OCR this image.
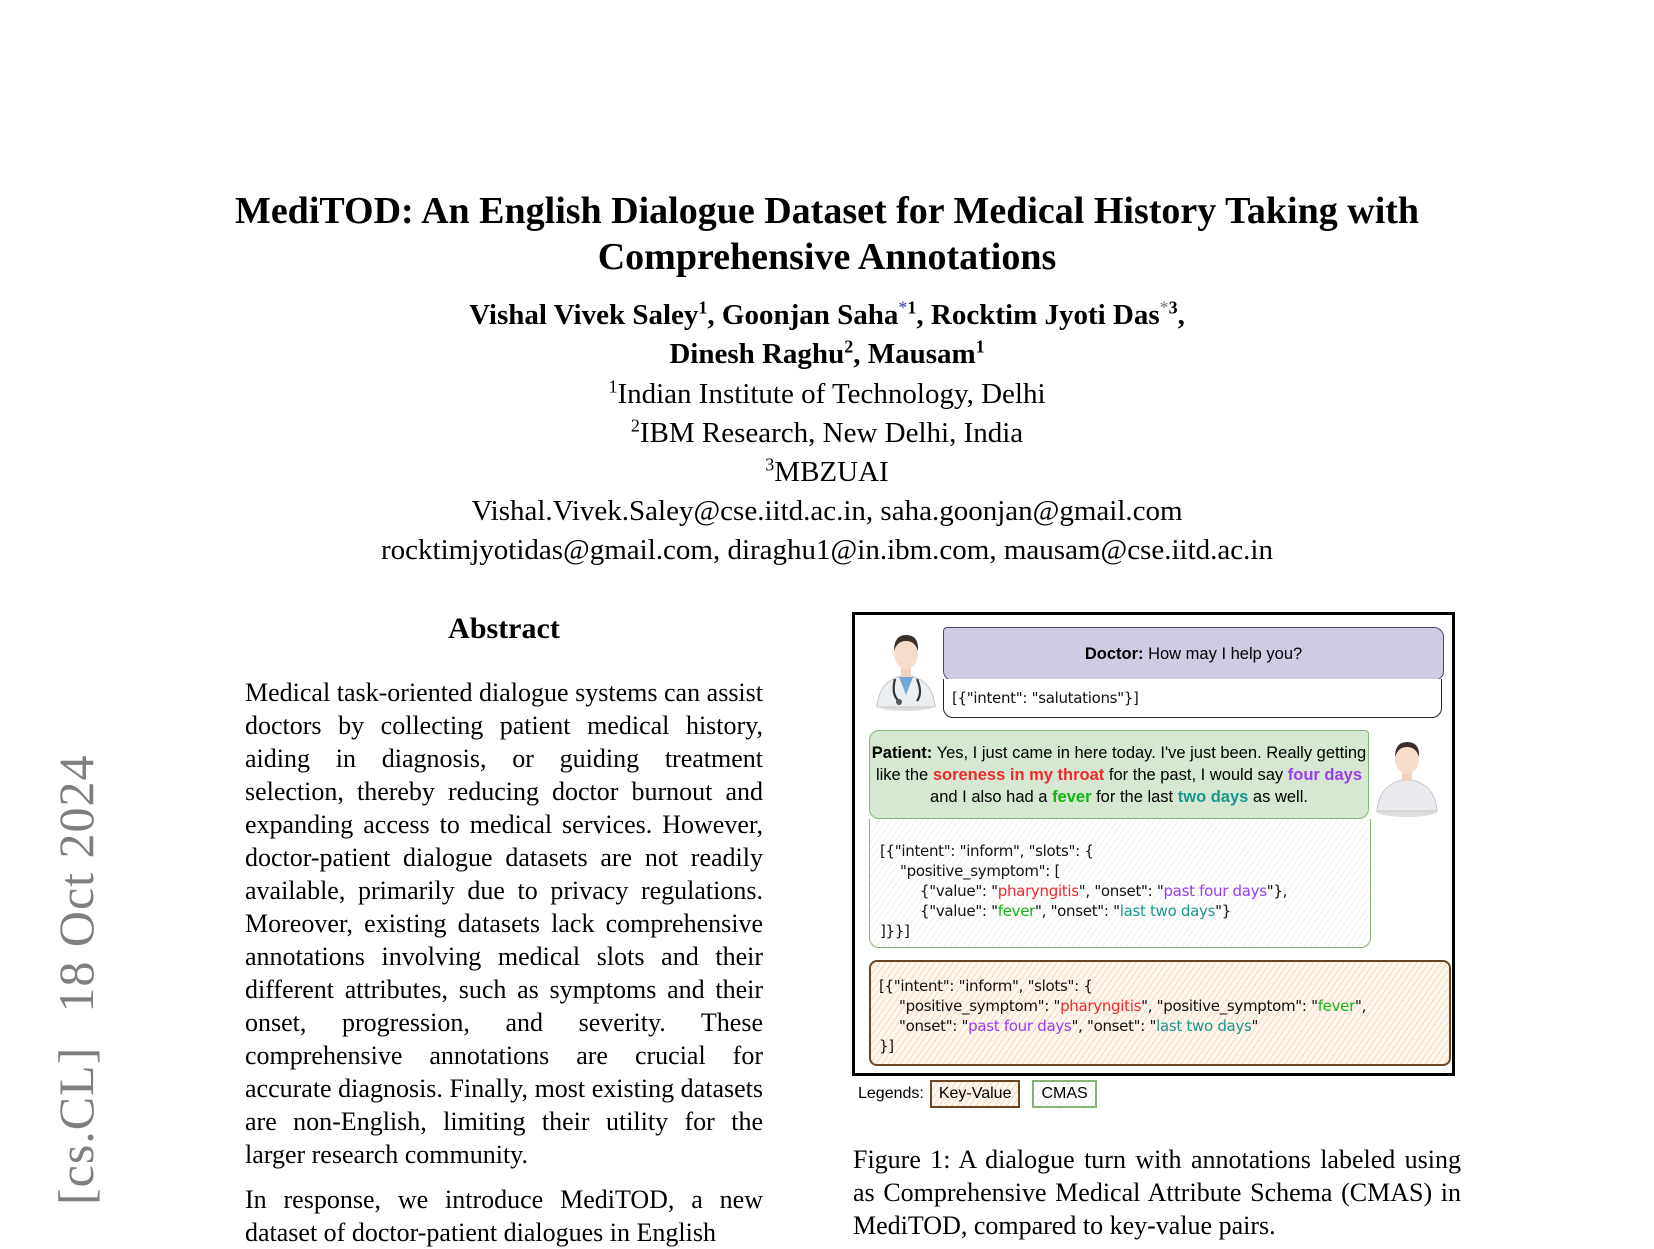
[cs.CL]18 Oct 2024
MediTOD: An English Dialogue Dataset for Medical History Taking with
Comprehensive Annotations
Vishal Vivek Saley$^1$, Goonjan Saha$^{*1}$, Rocktim Jyoti Das$^{*3}$,
Dinesh Raghu$^2$, Mausam$^1$
$^1$Indian Institute of Technology, Delhi
$^2$IBM Research, New Delhi, India
$^3$MBZUAI
Vishal.Vivek.Saley@cse.iitd.ac.in, saha.goonjan@gmail.com
rocktimjyotidas@gmail.com, diraghu1@in.ibm.com, mausam@cse.iitd.ac.in
Abstract

Medical task-oriented dialogue systems can assist doctors by collecting patient medical history, aiding in diagnosis, or guiding treatment selection, thereby reducing doctor burnout and expanding access to medical services. However, doctor-patient dialogue datasets are not readily available, primarily due to privacy regulations. Moreover, existing datasets lack comprehensive annotations involving medical slots and their different attributes, such as symptoms and their onset, progression, and severity. These comprehensive annotations are crucial for accurate diagnosis. Finally, most existing datasets are non-English, limiting their utility for the larger research community.

In response, we introduce MediTOD, a new dataset of doctor-patient dialogues in English

Doctor: How may I help you?
[{"intent": "salutations"}]
Patient: Yes, I just came in here today. I've just been. Really getting like the soreness in my throat for the past, I would say four days and I also had a fever for the last two days as well.
[{"intent": "inform", "slots": {
"positive_symptom": [
{"value": "pharyngitis", "onset": "past four days"},
{"value": "fever", "onset": "last two days"}
]}}]
[{"intent": "inform", "slots": {
"positive_symptom": "pharyngitis", "positive_symptom": "fever",
"onset": "past four days", "onset": "last two days"
}]
Legends: Key-Value	CMAS
Figure 1: A dialogue turn with annotations labeled using as Comprehensive Medical Attribute Schema (CMAS) in MediTOD, compared to key-value pairs.
